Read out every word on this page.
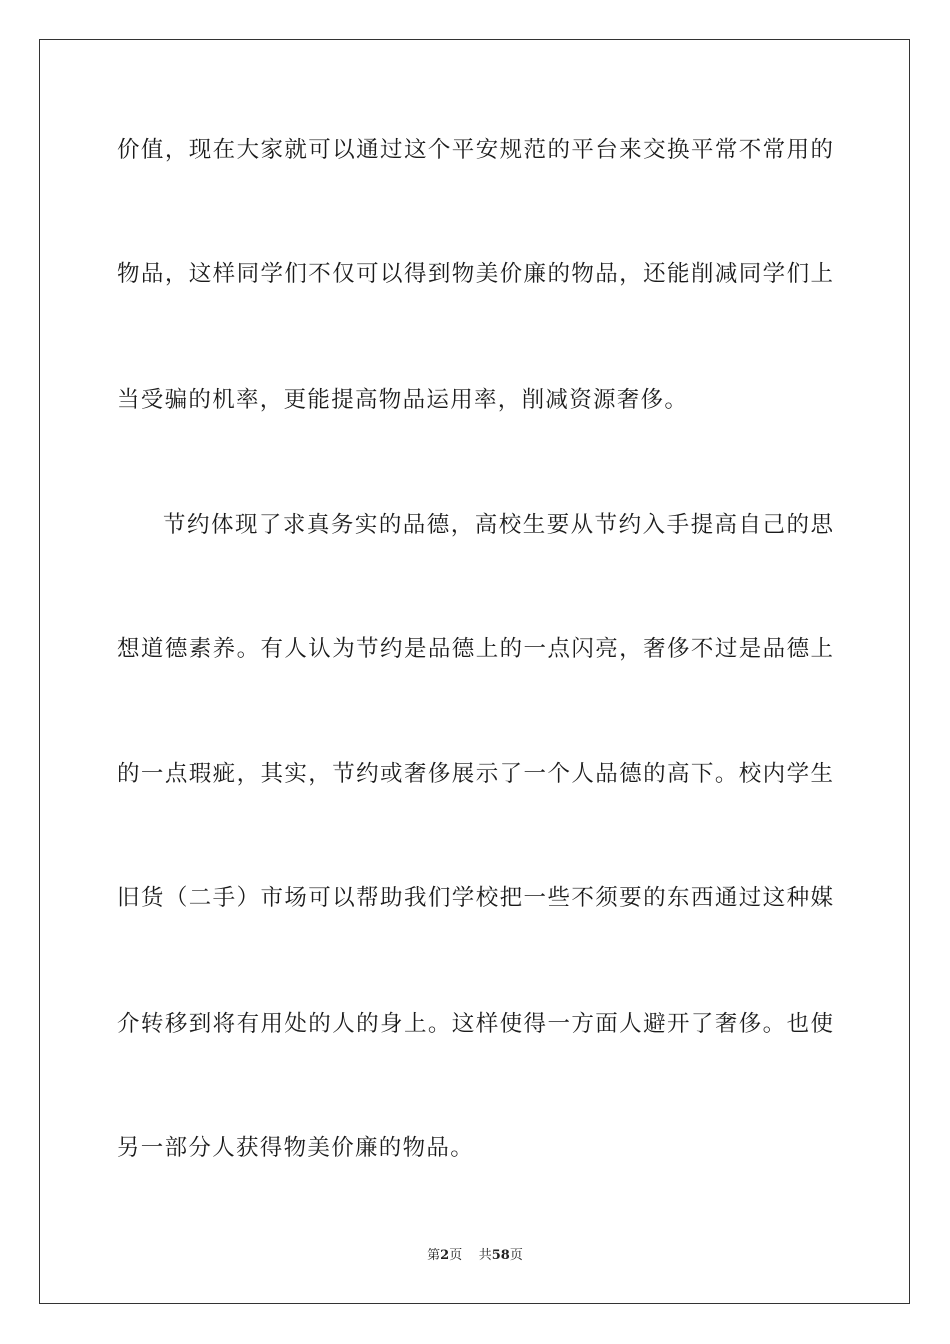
价值，现在大家就可以通过这个平安规范的平台来交换平常不常用的
物品，这样同学们不仅可以得到物美价廉的物品，还能削减同学们上
当受骗的机率，更能提高物品运用率，削减资源奢侈。
节约体现了求真务实的品德，高校生要从节约入手提高自己的思
想道德素养。有人认为节约是品德上的一点闪亮，奢侈不过是品德上
的一点瑕疵，其实，节约或奢侈展示了一个人品德的高下。校内学生
旧货（二手）市场可以帮助我们学校把一些不须要的东西通过这种媒
介转移到将有用处的人的身上。这样使得一方面人避开了奢侈。也使
另一部分人获得物美价廉的物品。
第2页 共58页
